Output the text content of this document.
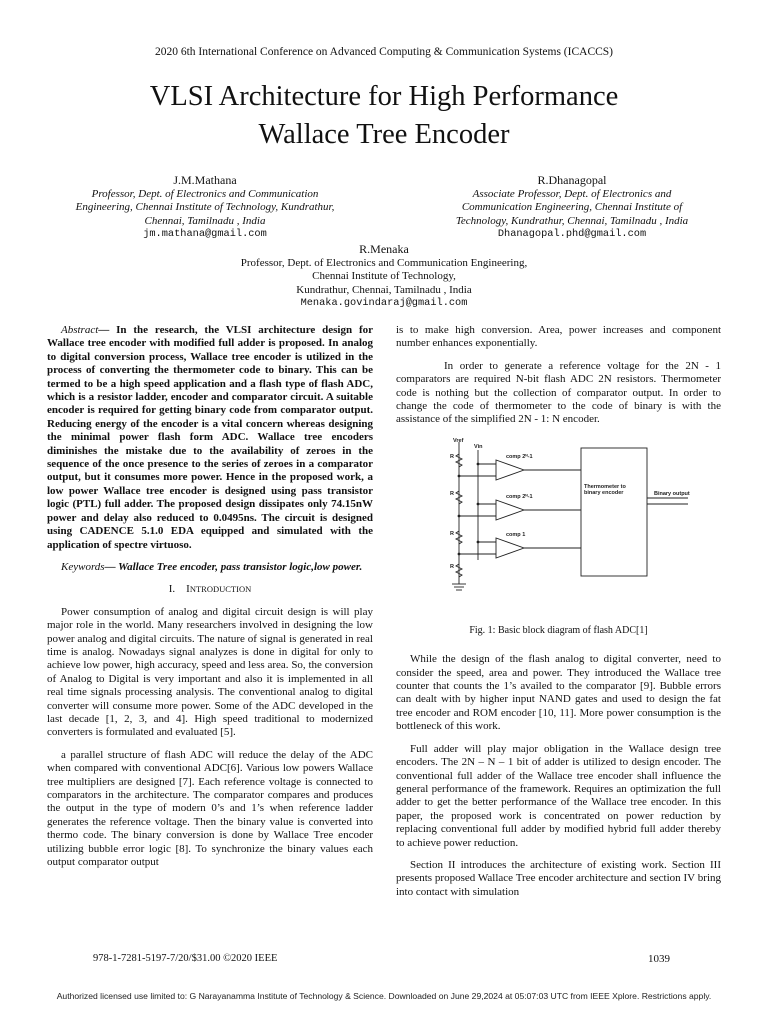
2020 6th International Conference on Advanced Computing & Communication Systems (ICACCS)
VLSI Architecture for High Performance
Wallace Tree Encoder
J.M.Mathana
Professor, Dept. of Electronics and Communication
Engineering, Chennai Institute of Technology, Kundrathur,
Chennai, Tamilnadu , India
jm.mathana@gmail.com
R.Dhanagopal
Associate Professor, Dept. of Electronics and
Communication Engineering, Chennai Institute of
Technology, Kundrathur, Chennai, Tamilnadu , India
Dhanagopal.phd@gmail.com
R.Menaka
Professor, Dept. of Electronics and Communication Engineering,
Chennai Institute of Technology,
Kundrathur, Chennai, Tamilnadu , India
Menaka.govindaraj@gmail.com

Abstract— In the research, the VLSI architecture design for Wallace tree encoder with modified full adder is proposed. In analog to digital conversion process, Wallace tree encoder is utilized in the process of converting the thermometer code to binary. This can be termed to be a high speed application and a flash type of flash ADC, which is a resistor ladder, encoder and comparator circuit. A suitable encoder is required for getting binary code from comparator output. Reducing energy of the encoder is a vital concern whereas designing the minimal power flash form ADC. Wallace tree encoders diminishes the mistake due to the availability of zeroes in the sequence of the once presence to the series of zeroes in a comparator output, but it consumes more power. Hence in the proposed work, a low power Wallace tree encoder is designed using pass transistor logic (PTL) full adder. The proposed design dissipates only 74.15nW power and delay also reduced to 0.0495ns. The circuit is designed using CADENCE 5.1.0 EDA equipped and simulated with the application of spectre virtuoso.

Keywords— Wallace Tree encoder, pass transistor logic,low power.

I. INTRODUCTION

Power consumption of analog and digital circuit design is will play major role in the world. Many researchers involved in designing the low power analog and digital circuits. The nature of signal is generated in real time is analog. Nowadays signal analyzes is done in digital for only to achieve low power, high accuracy, speed and less area. So, the conversion of Analog to Digital is very important and also it is implemented in all real time signals processing analysis. The conventional analog to digital converter will consume more power. Some of the ADC developed in the last decade [1, 2, 3, and 4]. High speed traditional to modernized converters is formulated and evaluated [5].

a parallel structure of flash ADC will reduce the delay of the ADC when compared with conventional ADC[6]. Various low powers Wallace tree multipliers are designed [7]. Each reference voltage is connected to comparators in the architecture. The comparator compares and produces the output in the type of modern 0’s and 1’s when reference ladder generates the reference voltage. Then the binary value is converted into thermo code. The binary conversion is done by Wallace Tree encoder utilizing bubble error logic [8]. To synchronize the binary values each output comparator output

is to make high conversion. Area, power increases and component number enhances exponentially.

In order to generate a reference voltage for the 2N - 1 comparators are required N-bit flash ADC 2N resistors. Thermometer code is nothing but the collection of comparator output. In order to change the code of thermometer to the code of binary is with the assistance of the simplified 2N - 1: N encoder.

Vref
Vin
R
R
R
R
comp 2ᴺ-1
comp 2ᴺ-1
comp 1
Thermometer to
binary encoder	Binary output

Fig. 1: Basic block diagram of flash ADC[1]

While the design of the flash analog to digital converter, need to consider the speed, area and power. They introduced the Wallace tree counter that counts the 1’s availed to the comparator [9]. Bubble errors can dealt with by higher input NAND gates and used to design the fat tree encoder and ROM encoder [10, 11]. More power consumption is the bottleneck of this work.

Full adder will play major obligation in the Wallace design tree encoders. The 2N – N – 1 bit of adder is utilized to design encoder. The conventional full adder of the Wallace tree encoder shall influence the general performance of the framework. Requires an optimization the full adder to get the better performance of the Wallace tree encoder. In this paper, the proposed work is concentrated on power reduction by replacing conventional full adder by modified hybrid full adder thereby to achieve power reduction.

Section II introduces the architecture of existing work. Section III presents proposed Wallace Tree encoder architecture and section IV bring into contact with simulation

978-1-7281-5197-7/20/$31.00 ©2020 IEEE	1039
Authorized licensed use limited to: G Narayanamma Institute of Technology & Science. Downloaded on June 29,2024 at 05:07:03 UTC from IEEE Xplore. Restrictions apply.
